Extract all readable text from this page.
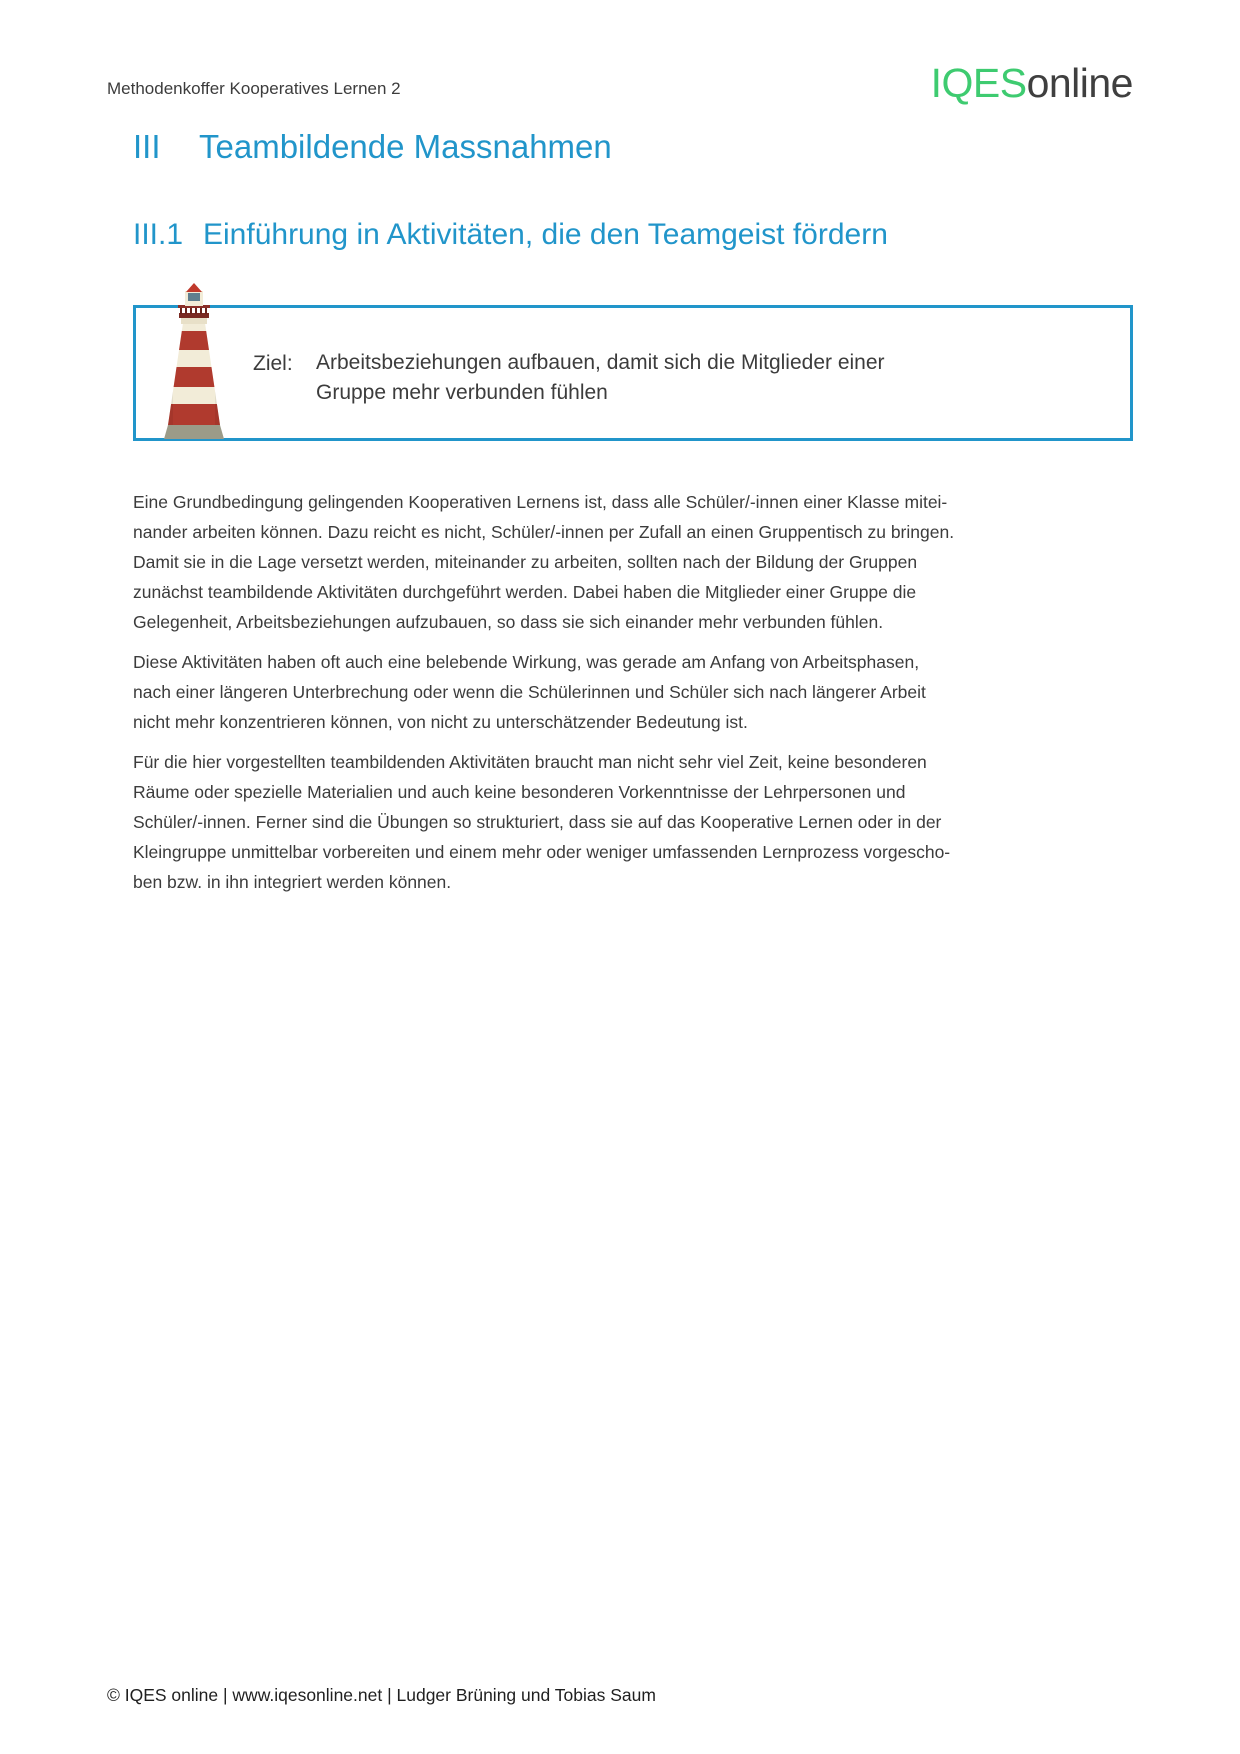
Methodenkoffer Kooperatives Lernen 2	IQESonline
III	Teambildende Massnahmen
III.1 Einführung in Aktivitäten, die den Teamgeist fördern
Ziel:	Arbeitsbeziehungen aufbauen, damit sich die Mitglieder einer
Gruppe mehr verbunden fühlen
Eine Grundbedingung gelingenden Kooperativen Lernens ist, dass alle Schüler/-innen einer Klasse mitei-
nander arbeiten können. Dazu reicht es nicht, Schüler/-innen per Zufall an einen Gruppentisch zu bringen.
Damit sie in die Lage versetzt werden, miteinander zu arbeiten, sollten nach der Bildung der Gruppen
zunächst teambildende Aktivitäten durchgeführt werden. Dabei haben die Mitglieder einer Gruppe die
Gelegenheit, Arbeitsbeziehungen aufzubauen, so dass sie sich einander mehr verbunden fühlen.
Diese Aktivitäten haben oft auch eine belebende Wirkung, was gerade am Anfang von Arbeitsphasen,
nach einer längeren Unterbrechung oder wenn die Schülerinnen und Schüler sich nach längerer Arbeit
nicht mehr konzentrieren können, von nicht zu unterschätzender Bedeutung ist.
Für die hier vorgestellten teambildenden Aktivitäten braucht man nicht sehr viel Zeit, keine besonderen
Räume oder spezielle Materialien und auch keine besonderen Vorkenntnisse der Lehrpersonen und
Schüler/-innen. Ferner sind die Übungen so strukturiert, dass sie auf das Kooperative Lernen oder in der
Kleingruppe unmittelbar vorbereiten und einem mehr oder weniger umfassenden Lernprozess vorgescho-
ben bzw. in ihn integriert werden können.
© IQES online | www.iqesonline.net | Ludger Brüning und Tobias Saum
